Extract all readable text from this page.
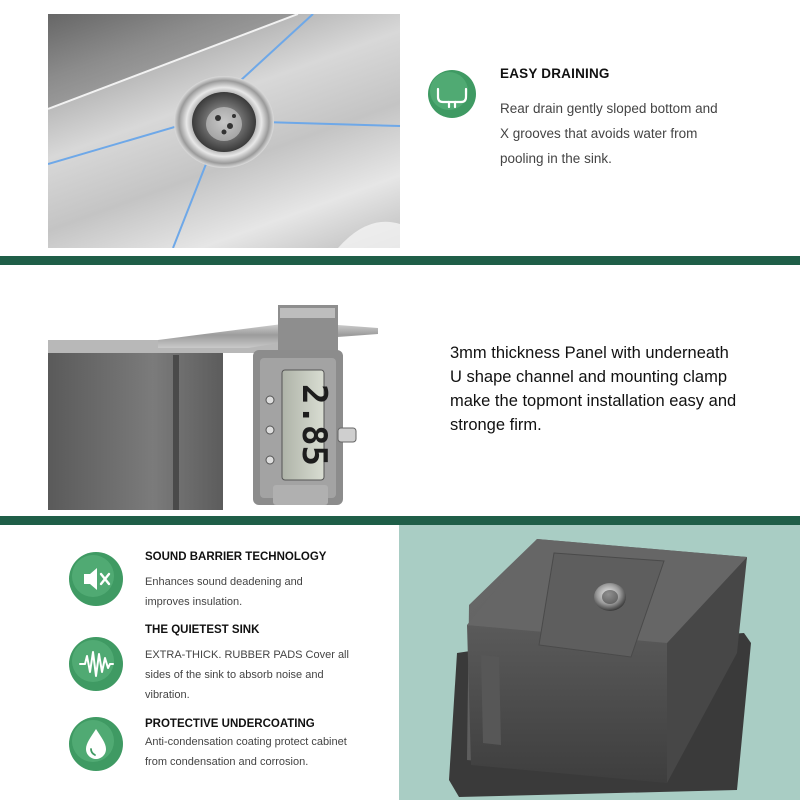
EASY DRAINING
Rear drain gently sloped bottom and
X grooves that avoids water from
pooling in the sink.
2.85
3mm thickness Panel with underneath
U shape channel and mounting clamp
make the topmont installation easy and
stronge firm.
SOUND BARRIER TECHNOLOGY
Enhances sound deadening and
improves insulation.
THE QUIETEST SINK
EXTRA-THICK. RUBBER PADS Cover all
sides of the sink to absorb noise and
vibration.
PROTECTIVE UNDERCOATING
Anti-condensation coating protect cabinet
from condensation and corrosion.
